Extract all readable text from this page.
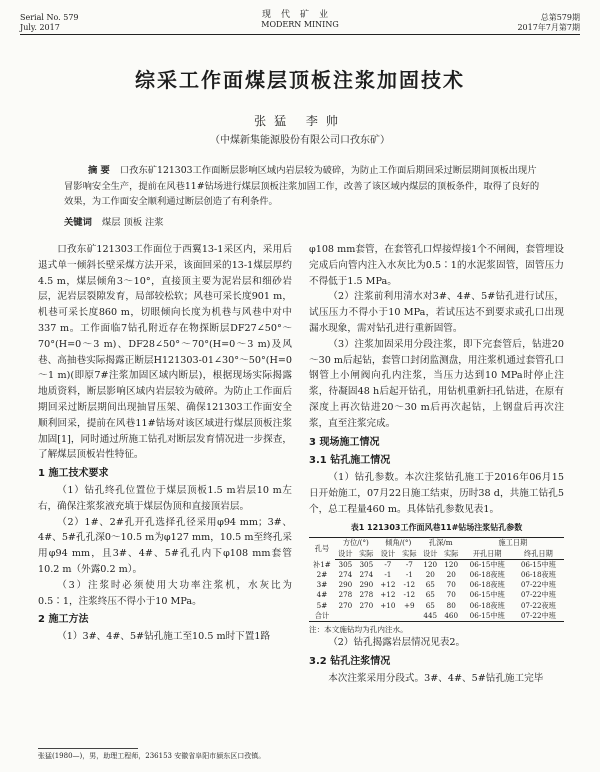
Serial No. 579
July. 2017
现代矿业
MODERN MINING
总第579期
2017年7月第7期
综采工作面煤层顶板注浆加固技术
张猛 李帅
（中煤新集能源股份有限公司口孜东矿）
摘 要 口孜东矿121303工作面断层影响区域内岩层较为破碎，为防止工作面后期回采过断层期间顶板出现片冒影响安全生产，提前在风巷11#钻场进行煤层顶板注浆加固工作，改善了该区域内煤层的顶板条件，取得了良好的效果，为工作面安全顺利通过断层创造了有利条件。
关键词 煤层 顶板 注浆

口孜东矿121303工作面位于西翼13-1采区内，采用后退式单一倾斜长壁采煤方法开采，该面回采的13-1煤层厚约4.5 m，煤层倾角3～10°，直接顶主要为泥岩层和细砂岩层，泥岩层裂隙发育，局部较松软；风巷可采长度901 m，机巷可采长度860 m，切眼倾向长度为机巷与风巷中对中337 m。工作面临7钻孔附近存在物探断层DF27∠50°～70°(H=0～3 m)、DF28∠50°～70°(H=0～3 m)及风巷、高抽巷实际揭露正断层H121303-01∠30°～50°(H=0～1 m)(即原7#注浆加固区域内断层)，根据现场实际揭露地质资料，断层影响区域内岩层较为破碎。为防止工作面后期回采过断层期间出现抽冒压架、确保121303工作面安全顺利回采，提前在风巷11#钻场对该区域进行煤层顶板注浆加固[1]，同时通过所施工钻孔对断层发育情况进一步探查，了解煤层顶板岩性特征。

1 施工技术要求

（1）钻孔终孔位置位于煤层顶板1.5 m岩层10 m左右，确保注浆浆液充填于煤层伪顶和直接顶岩层。

（2）1#、2#孔开孔选择孔径采用φ94 mm；3#、4#、5#孔孔深0～10.5 m为φ127 mm，10.5 m至终孔采用φ94 mm，且3#、4#、5#孔孔内下φ108 mm套管10.2 m（外露0.2 m）。

（3）注浆时必须使用大功率注浆机，水灰比为0.5∶1，注浆终压不得小于10 MPa。

2 施工方法

（1）3#、4#、5#钻孔施工至10.5 m时下置1路

φ108 mm套管，在套管孔口焊接焊接1个不闸阀，套管埋设完成后向管内注入水灰比为0.5∶1的水泥浆固管，固管压力不得低于1.5 MPa。

（2）注浆前利用清水对3#、4#、5#钻孔进行试压，试压压力不得小于10 MPa，若试压达不到要求或孔口出现漏水现象，需对钻孔进行重新固管。

（3）注浆加固采用分段注浆，即下完套管后，钻进20～30 m后起钻，套管口封闭监测盘，用注浆机通过套管孔口钢管上小闸阀向孔内注浆，当压力达到10 MPa时停止注浆，待凝固48 h后起开钻孔，用钻机重新扫孔钻进，在原有深度上再次钻进20～30 m后再次起钻，上钢盘后再次注浆，直至注浆完成。

3 现场施工情况
3.1 钻孔施工情况

（1）钻孔参数。本次注浆钻孔施工于2016年06月15日开始施工，07月22日施工结束，历时38 d，共施工钻孔5个，总工程量460 m。具体钻孔参数见表1。

表1 121303工作面风巷11#钻场注浆钻孔参数
孔号	方位/(°)		倾角/(°)		孔深/m		施工日期	
	设计	实际	设计	实际	设计	实际	开孔日期	终孔日期
补1#	305	305	-7	-7	120	120	06-15中班	06-15中班
2#	274	274	-1	-1	20	20	06-18夜班	06-18夜班
3#	290	290	+12	-12	65	70	06-18夜班	07-22中班
4#	278	278	+12	-12	65	70	06-15中班	07-22中班
5#	270	270	+10	+9	65	80	06-18夜班	07-22夜班
合计					445	460	06-15中班	07-22中班
注：本文施钻均为孔内注水。

（2）钻孔揭露岩层情况见表2。

3.2 钻孔注浆情况

本次注浆采用分段式。3#、4#、5#钻孔施工完毕

张猛(1980—)，男，助理工程师，236153 安徽省阜阳市颍东区口孜镇。
